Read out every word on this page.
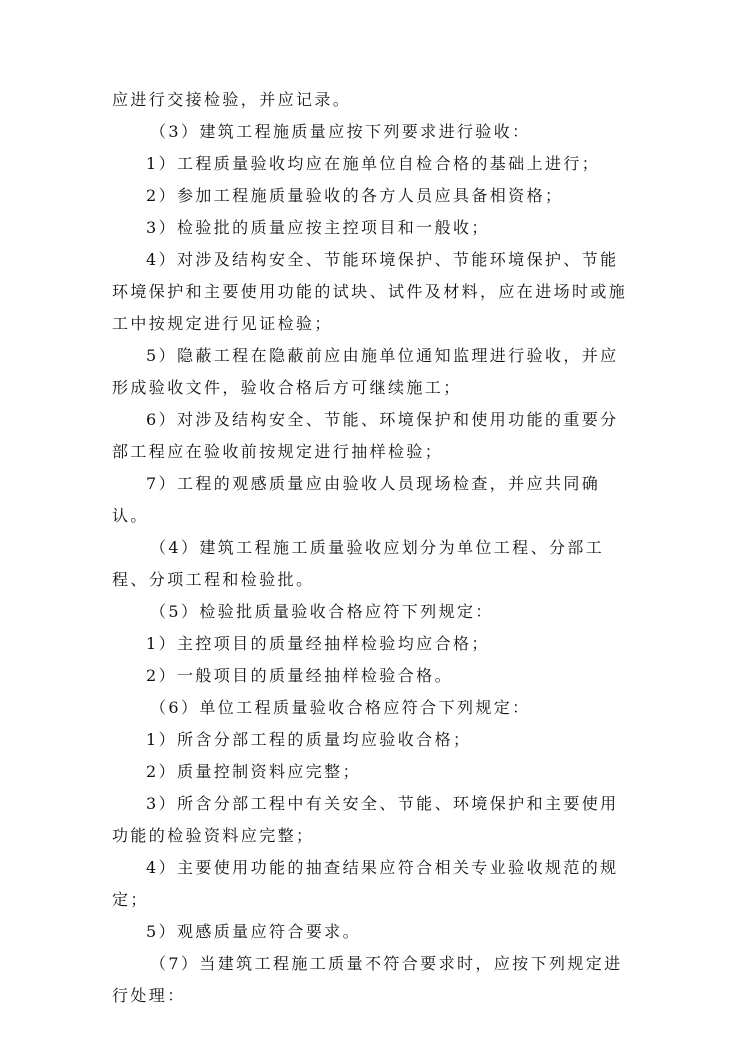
应进行交接检验，并应记录。

（3）建筑工程施质量应按下列要求进行验收：

1）工程质量验收均应在施单位自检合格的基础上进行；

2）参加工程施质量验收的各方人员应具备相资格；

3）检验批的质量应按主控项目和一般收；

4）对涉及结构安全、节能环境保护、节能环境保护、节能环境保护和主要使用功能的试块、试件及材料，应在进场时或施工中按规定进行见证检验；

5）隐蔽工程在隐蔽前应由施单位通知监理进行验收，并应形成验收文件，验收合格后方可继续施工；

6）对涉及结构安全、节能、环境保护和使用功能的重要分部工程应在验收前按规定进行抽样检验；

7）工程的观感质量应由验收人员现场检查，并应共同确认。

（4）建筑工程施工质量验收应划分为单位工程、分部工程、分项工程和检验批。

（5）检验批质量验收合格应符下列规定：

1）主控项目的质量经抽样检验均应合格；

2）一般项目的质量经抽样检验合格。

（6）单位工程质量验收合格应符合下列规定：

1）所含分部工程的质量均应验收合格；

2）质量控制资料应完整；

3）所含分部工程中有关安全、节能、环境保护和主要使用功能的检验资料应完整；

4）主要使用功能的抽查结果应符合相关专业验收规范的规定；

5）观感质量应符合要求。

（7）当建筑工程施工质量不符合要求时，应按下列规定进行处理：
